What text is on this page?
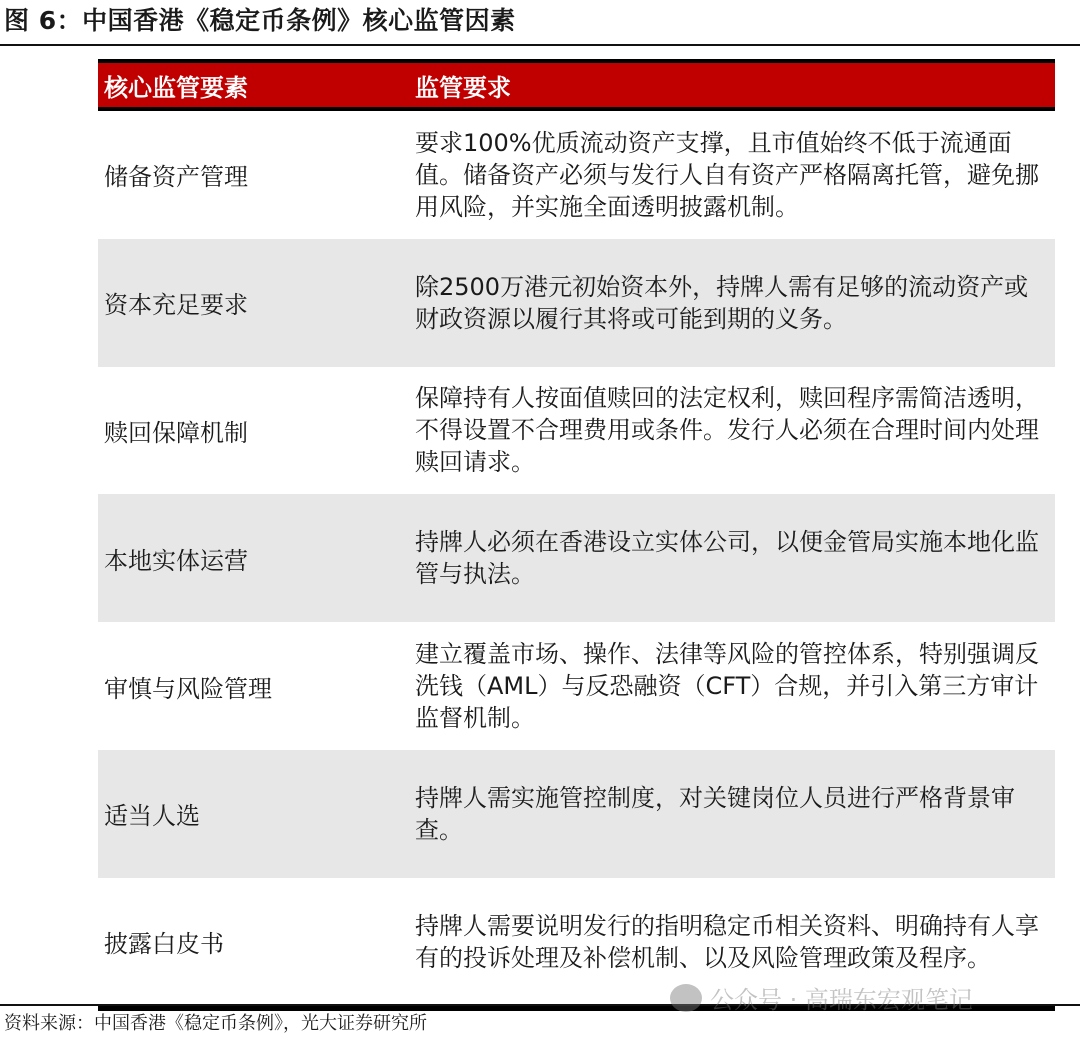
图 6：中国香港《稳定币条例》核心监管因素
核心监管要素	监管要求
储备资产管理
要求100%优质流动资产支撑，且市值始终不低于流通面值。储备资产必须与发行人自有资产严格隔离托管，避免挪用风险，并实施全面透明披露机制。
资本充足要求
除2500万港元初始资本外，持牌人需有足够的流动资产或财政资源以履行其将或可能到期的义务。
赎回保障机制
保障持有人按面值赎回的法定权利，赎回程序需简洁透明，不得设置不合理费用或条件。发行人必须在合理时间内处理赎回请求。
本地实体运营
持牌人必须在香港设立实体公司，以便金管局实施本地化监管与执法。
审慎与风险管理
建立覆盖市场、操作、法律等风险的管控体系，特别强调反洗钱（AML）与反恐融资（CFT）合规，并引入第三方审计监督机制。
适当人选
持牌人需实施管控制度，对关键岗位人员进行严格背景审查。
披露白皮书
持牌人需要说明发行的指明稳定币相关资料、明确持有人享有的投诉处理及补偿机制、以及风险管理政策及程序。
公众号 · 高瑞东宏观笔记
资料来源：中国香港《稳定币条例》，光大证券研究所
